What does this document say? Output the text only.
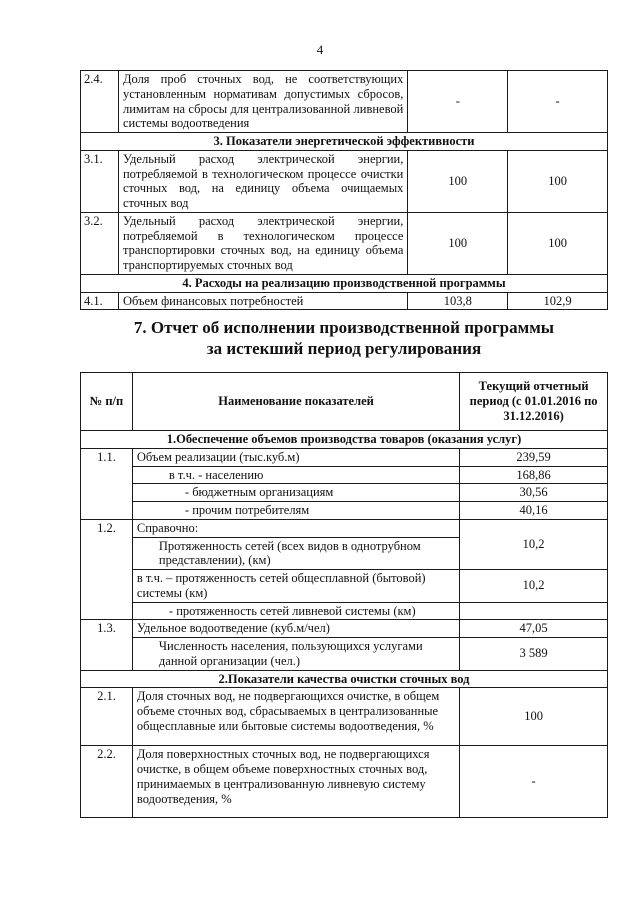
4
2.4.	Доля проб сточных вод, не соответствующих установленным нормативам допустимых сбросов, лимитам на сбросы для централизованной ливневой системы водоотведения	-	-
3. Показатели энергетической эффективности			
3.1.	Удельный расход электрической энергии, потребляемой в технологическом процессе очистки сточных вод, на единицу объема очищаемых сточных вод	100	100
3.2.	Удельный расход электрической энергии, потребляемой в технологическом процессе транспортировки сточных вод, на единицу объема транспортируемых сточных вод	100	100
4. Расходы на реализацию производственной программы			
4.1.	Объем финансовых потребностей	103,8	102,9
7. Отчет об исполнении производственной программы
за истекший период регулирования
№ п/п	Наименование показателей	Текущий отчетный период (с 01.01.2016 по 31.12.2016)
1.Обеспечение объемов производства товаров (оказания услуг)		
1.1.	Объем реализации (тыс.куб.м)	239,59
	в т.ч. - населению	168,86
	- бюджетным организациям	30,56
	- прочим потребителям	40,16
1.2.	Справочно:	10,2
	Протяженность сетей (всех видов в однотрубном представлении), (км)	
	в т.ч. – протяженность сетей общесплавной (бытовой) системы (км)	10,2
	- протяженность сетей ливневой системы (км)	
1.3.	Удельное водоотведение (куб.м/чел)	47,05
	Численность населения, пользующихся услугами данной организации (чел.)	3 589
2.Показатели качества очистки сточных вод		
2.1.	Доля сточных вод, не подвергающихся очистке, в общем объеме сточных вод, сбрасываемых в централизованные общесплавные или бытовые системы водоотведения, %	100
2.2.	Доля поверхностных сточных вод, не подвергающихся очистке, в общем объеме поверхностных сточных вод, принимаемых в централизованную ливневую систему водоотведения, %	-
